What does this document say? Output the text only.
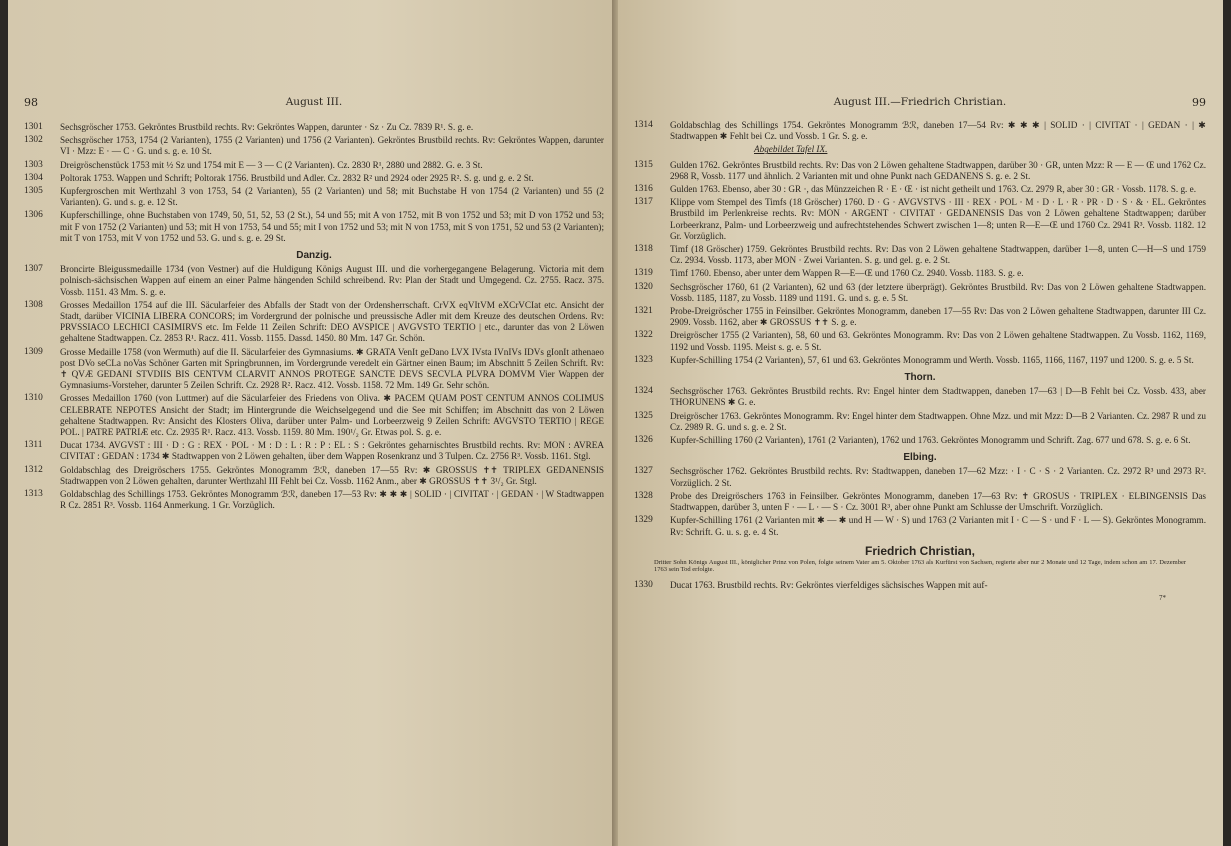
98	August III.
1301	Sechsgröscher 1753. Gekröntes Brustbild rechts. Rv: Gekröntes Wappen, darunter · Sz · Zu Cz. 7839 R¹. S. g. e.
1302	Sechsgröscher 1753, 1754 (2 Varianten), 1755 (2 Varianten) und 1756 (2 Varianten). Gekröntes Brustbild rechts. Rv: Gekröntes Wappen, darunter VI · Mzz: E · — C · G. und s. g. e. 10 St.
1303	Dreigröschenstück 1753 mit ½ Sz und 1754 mit E — 3 — C (2 Varianten). Cz. 2830 R¹, 2880 und 2882. G. e. 3 St.
1304	Poltorak 1753. Wappen und Schrift; Poltorak 1756. Brustbild und Adler. Cz. 2832 R² und 2924 oder 2925 R². S. g. und g. e. 2 St.
1305	Kupfergroschen mit Werthzahl 3 von 1753, 54 (2 Varianten), 55 (2 Varianten) und 58; mit Buchstabe H von 1754 (2 Varianten) und 55 (2 Varianten). G. und s. g. e. 12 St.
1306	Kupferschillinge, ohne Buchstaben von 1749, 50, 51, 52, 53 (2 St.), 54 und 55; mit A von 1752, mit B von 1752 und 53; mit D von 1752 und 53; mit F von 1752 (2 Varianten) und 53; mit H von 1753, 54 und 55; mit I von 1752 und 53; mit N von 1753, mit S von 1751, 52 und 53 (2 Varianten); mit T von 1753, mit V von 1752 und 53. G. und s. g. e. 29 St.
Danzig.
1307	Broncirte Bleigussmedaille 1734 (von Vestner) auf die Huldigung Königs August III. und die vorhergegangene Belagerung. Victoria mit dem polnisch-sächsischen Wappen auf einem an einer Palme hängenden Schild schreibend. Rv: Plan der Stadt und Umgegend. Cz. 2755. Racz. 375. Vossb. 1151. 43 Mm. S. g. e.
1308	Grosses Medaillon 1754 auf die III. Säcularfeier des Abfalls der Stadt von der Ordensherrschaft. CrVX eqVItVM eXCrVCIat etc. Ansicht der Stadt, darüber VICINIA LIBERA CONCORS; im Vordergrund der polnische und preussische Adler mit dem Kreuze des deutschen Ordens. Rv: PRVSSIACO LECHICI CASIMIRVS etc. Im Felde 11 Zeilen Schrift: DEO AVSPICE | AVGVSTO TERTIO | etc., darunter das von 2 Löwen gehaltene Stadtwappen. Cz. 2853 R¹. Racz. 411. Vossb. 1155. Dassd. 1450. 80 Mm. 147 Gr. Schön.
1309	Grosse Medaille 1758 (von Wermuth) auf die II. Säcularfeier des Gymnasiums. ✱ GRATA VenIt geDano LVX IVsta IVnIVs IDVs gIonIt athenaeo post DVo seCLa noVas Schöner Garten mit Springbrunnen, im Vordergrunde veredelt ein Gärtner einen Baum; im Abschnitt 5 Zeilen Schrift. Rv: ✝ QVÆ GEDANI STVDIIS BIS CENTVM CLARVIT ANNOS PROTEGE SANCTE DEVS SECVLA PLVRA DOMVM Vier Wappen der Gymnasiums-Vorsteher, darunter 5 Zeilen Schrift. Cz. 2928 R². Racz. 412. Vossb. 1158. 72 Mm. 149 Gr. Sehr schön.
1310	Grosses Medaillon 1760 (von Luttmer) auf die Säcularfeier des Friedens von Oliva. ✱ PACEM QUAM POST CENTUM ANNOS COLIMUS CELEBRATE NEPOTES Ansicht der Stadt; im Hintergrunde die Weichselgegend und die See mit Schiffen; im Abschnitt das von 2 Löwen gehaltene Stadtwappen. Rv: Ansicht des Klosters Oliva, darüber unter Palm- und Lorbeerzweig 9 Zeilen Schrift: AVGVSTO TERTIO | REGE POL. | PATRE PATRIÆ etc. Cz. 2935 R¹. Racz. 413. Vossb. 1159. 80 Mm. 190¹/₂ Gr. Etwas pol. S. g. e.
1311	Ducat 1734. AVGVST : III · D : G : REX · POL · M : D : L : R : P : EL : S : Gekröntes geharnischtes Brustbild rechts. Rv: MON : AVREA CIVITAT : GEDAN : 1734 ✱ Stadtwappen von 2 Löwen gehalten, über dem Wappen Rosenkranz und 3 Tulpen. Cz. 2756 R³. Vossb. 1161. Stgl.
1312	Goldabschlag des Dreigröschers 1755. Gekröntes Monogramm ℬℛ, daneben 17—55 Rv: ✱ GROSSUS ✝✝ TRIPLEX GEDANENSIS Stadtwappen von 2 Löwen gehalten, darunter Werthzahl III Fehlt bei Cz. Vossb. 1162 Anm., aber ✱ GROSSUS ✝✝ 3¹/₂ Gr. Stgl.
1313	Goldabschlag des Schillings 1753. Gekröntes Monogramm ℬℛ, daneben 17—53 Rv: ✱ ✱ ✱ | SOLID · | CIVITAT · | GEDAN · | W Stadtwappen R Cz. 2851 R³. Vossb. 1164 Anmerkung. 1 Gr. Vorzüglich.
August III.—Friedrich Christian.	99
1314	Goldabschlag des Schillings 1754. Gekröntes Monogramm ℬℛ, daneben 17—54 Rv: ✱ ✱ ✱ | SOLID · | CIVITAT · | GEDAN · | ✱ Stadtwappen ✱ Fehlt bei Cz. und Vossb. 1 Gr. S. g. e.
Abgebildet Tafel IX.
1315	Gulden 1762. Gekröntes Brustbild rechts. Rv: Das von 2 Löwen gehaltene Stadtwappen, darüber 30 · GR, unten Mzz: R — E — Œ und 1762 Cz. 2968 R, Vossb. 1177 und ähnlich. 2 Varianten mit und ohne Punkt nach GEDANENS S. g. e. 2 St.
1316	Gulden 1763. Ebenso, aber 30 : GR ·, das Münzzeichen R · E · Œ · ist nicht getheilt und 1763. Cz. 2979 R, aber 30 : GR · Vossb. 1178. S. g. e.
1317	Klippe vom Stempel des Timfs (18 Gröscher) 1760. D · G · AVGVSTVS · III · REX · POL · M · D · L · R · PR · D · S · & · EL. Gekröntes Brustbild im Perlenkreise rechts. Rv: MON · ARGENT · CIVITAT · GEDANENSIS Das von 2 Löwen gehaltene Stadtwappen; darüber Lorbeerkranz, Palm- und Lorbeerzweig und aufrechtstehendes Schwert zwischen 1—8; unten R—E—Œ und 1760 Cz. 2941 R³. Vossb. 1182. 12 Gr. Vorzüglich.
1318	Timf (18 Gröscher) 1759. Gekröntes Brustbild rechts. Rv: Das von 2 Löwen gehaltene Stadtwappen, darüber 1—8, unten C—H—S und 1759 Cz. 2934. Vossb. 1173, aber MON · Zwei Varianten. S. g. und gel. g. e. 2 St.
1319	Timf 1760. Ebenso, aber unter dem Wappen R—E—Œ und 1760 Cz. 2940. Vossb. 1183. S. g. e.
1320	Sechsgröscher 1760, 61 (2 Varianten), 62 und 63 (der letztere überprägt). Gekröntes Brustbild. Rv: Das von 2 Löwen gehaltene Stadtwappen. Vossb. 1185, 1187, zu Vossb. 1189 und 1191. G. und s. g. e. 5 St.
1321	Probe-Dreigröscher 1755 in Feinsilber. Gekröntes Monogramm, daneben 17—55 Rv: Das von 2 Löwen gehaltene Stadtwappen, darunter III Cz. 2909. Vossb. 1162, aber ✱ GROSSUS ✝✝ S. g. e.
1322	Dreigröscher 1755 (2 Varianten), 58, 60 und 63. Gekröntes Monogramm. Rv: Das von 2 Löwen gehaltene Stadtwappen. Zu Vossb. 1162, 1169, 1192 und Vossb. 1195. Meist s. g. e. 5 St.
1323	Kupfer-Schilling 1754 (2 Varianten), 57, 61 und 63. Gekröntes Monogramm und Werth. Vossb. 1165, 1166, 1167, 1197 und 1200. S. g. e. 5 St.
Thorn.
1324	Sechsgröscher 1763. Gekröntes Brustbild rechts. Rv: Engel hinter dem Stadtwappen, daneben 17—63 | D—B Fehlt bei Cz. Vossb. 433, aber THORUNENS ✱ G. e.
1325	Dreigröscher 1763. Gekröntes Monogramm. Rv: Engel hinter dem Stadtwappen. Ohne Mzz. und mit Mzz: D—B 2 Varianten. Cz. 2987 R und zu Cz. 2989 R. G. und s. g. e. 2 St.
1326	Kupfer-Schilling 1760 (2 Varianten), 1761 (2 Varianten), 1762 und 1763. Gekröntes Monogramm und Schrift. Zag. 677 und 678. S. g. e. 6 St.
Elbing.
1327	Sechsgröscher 1762. Gekröntes Brustbild rechts. Rv: Stadtwappen, daneben 17—62 Mzz: · I · C · S · 2 Varianten. Cz. 2972 R³ und 2973 R². Vorzüglich. 2 St.
1328	Probe des Dreigröschers 1763 in Feinsilber. Gekröntes Monogramm, daneben 17—63 Rv: ✝ GROSUS · TRIPLEX · ELBINGENSIS Das Stadtwappen, darüber 3, unten F · — L · — S · Cz. 3001 R³, aber ohne Punkt am Schlusse der Umschrift. Vorzüglich.
1329	Kupfer-Schilling 1761 (2 Varianten mit ✱ — ✱ und H — W · S) und 1763 (2 Varianten mit I · C — S · und F · L — S). Gekröntes Monogramm. Rv: Schrift. G. u. s. g. e. 4 St.
Friedrich Christian,
Dritter Sohn Königs August III., königlicher Prinz von Polen, folgte seinem Vater am 5. Oktober 1763 als Kurfürst von Sachsen, regierte aber nur 2 Monate und 12 Tage, indem schon am 17. Dezember 1763 sein Tod erfolgte.
1330	Ducat 1763. Brustbild rechts. Rv: Gekröntes vierfeldiges sächsisches Wappen mit auf-
7*
